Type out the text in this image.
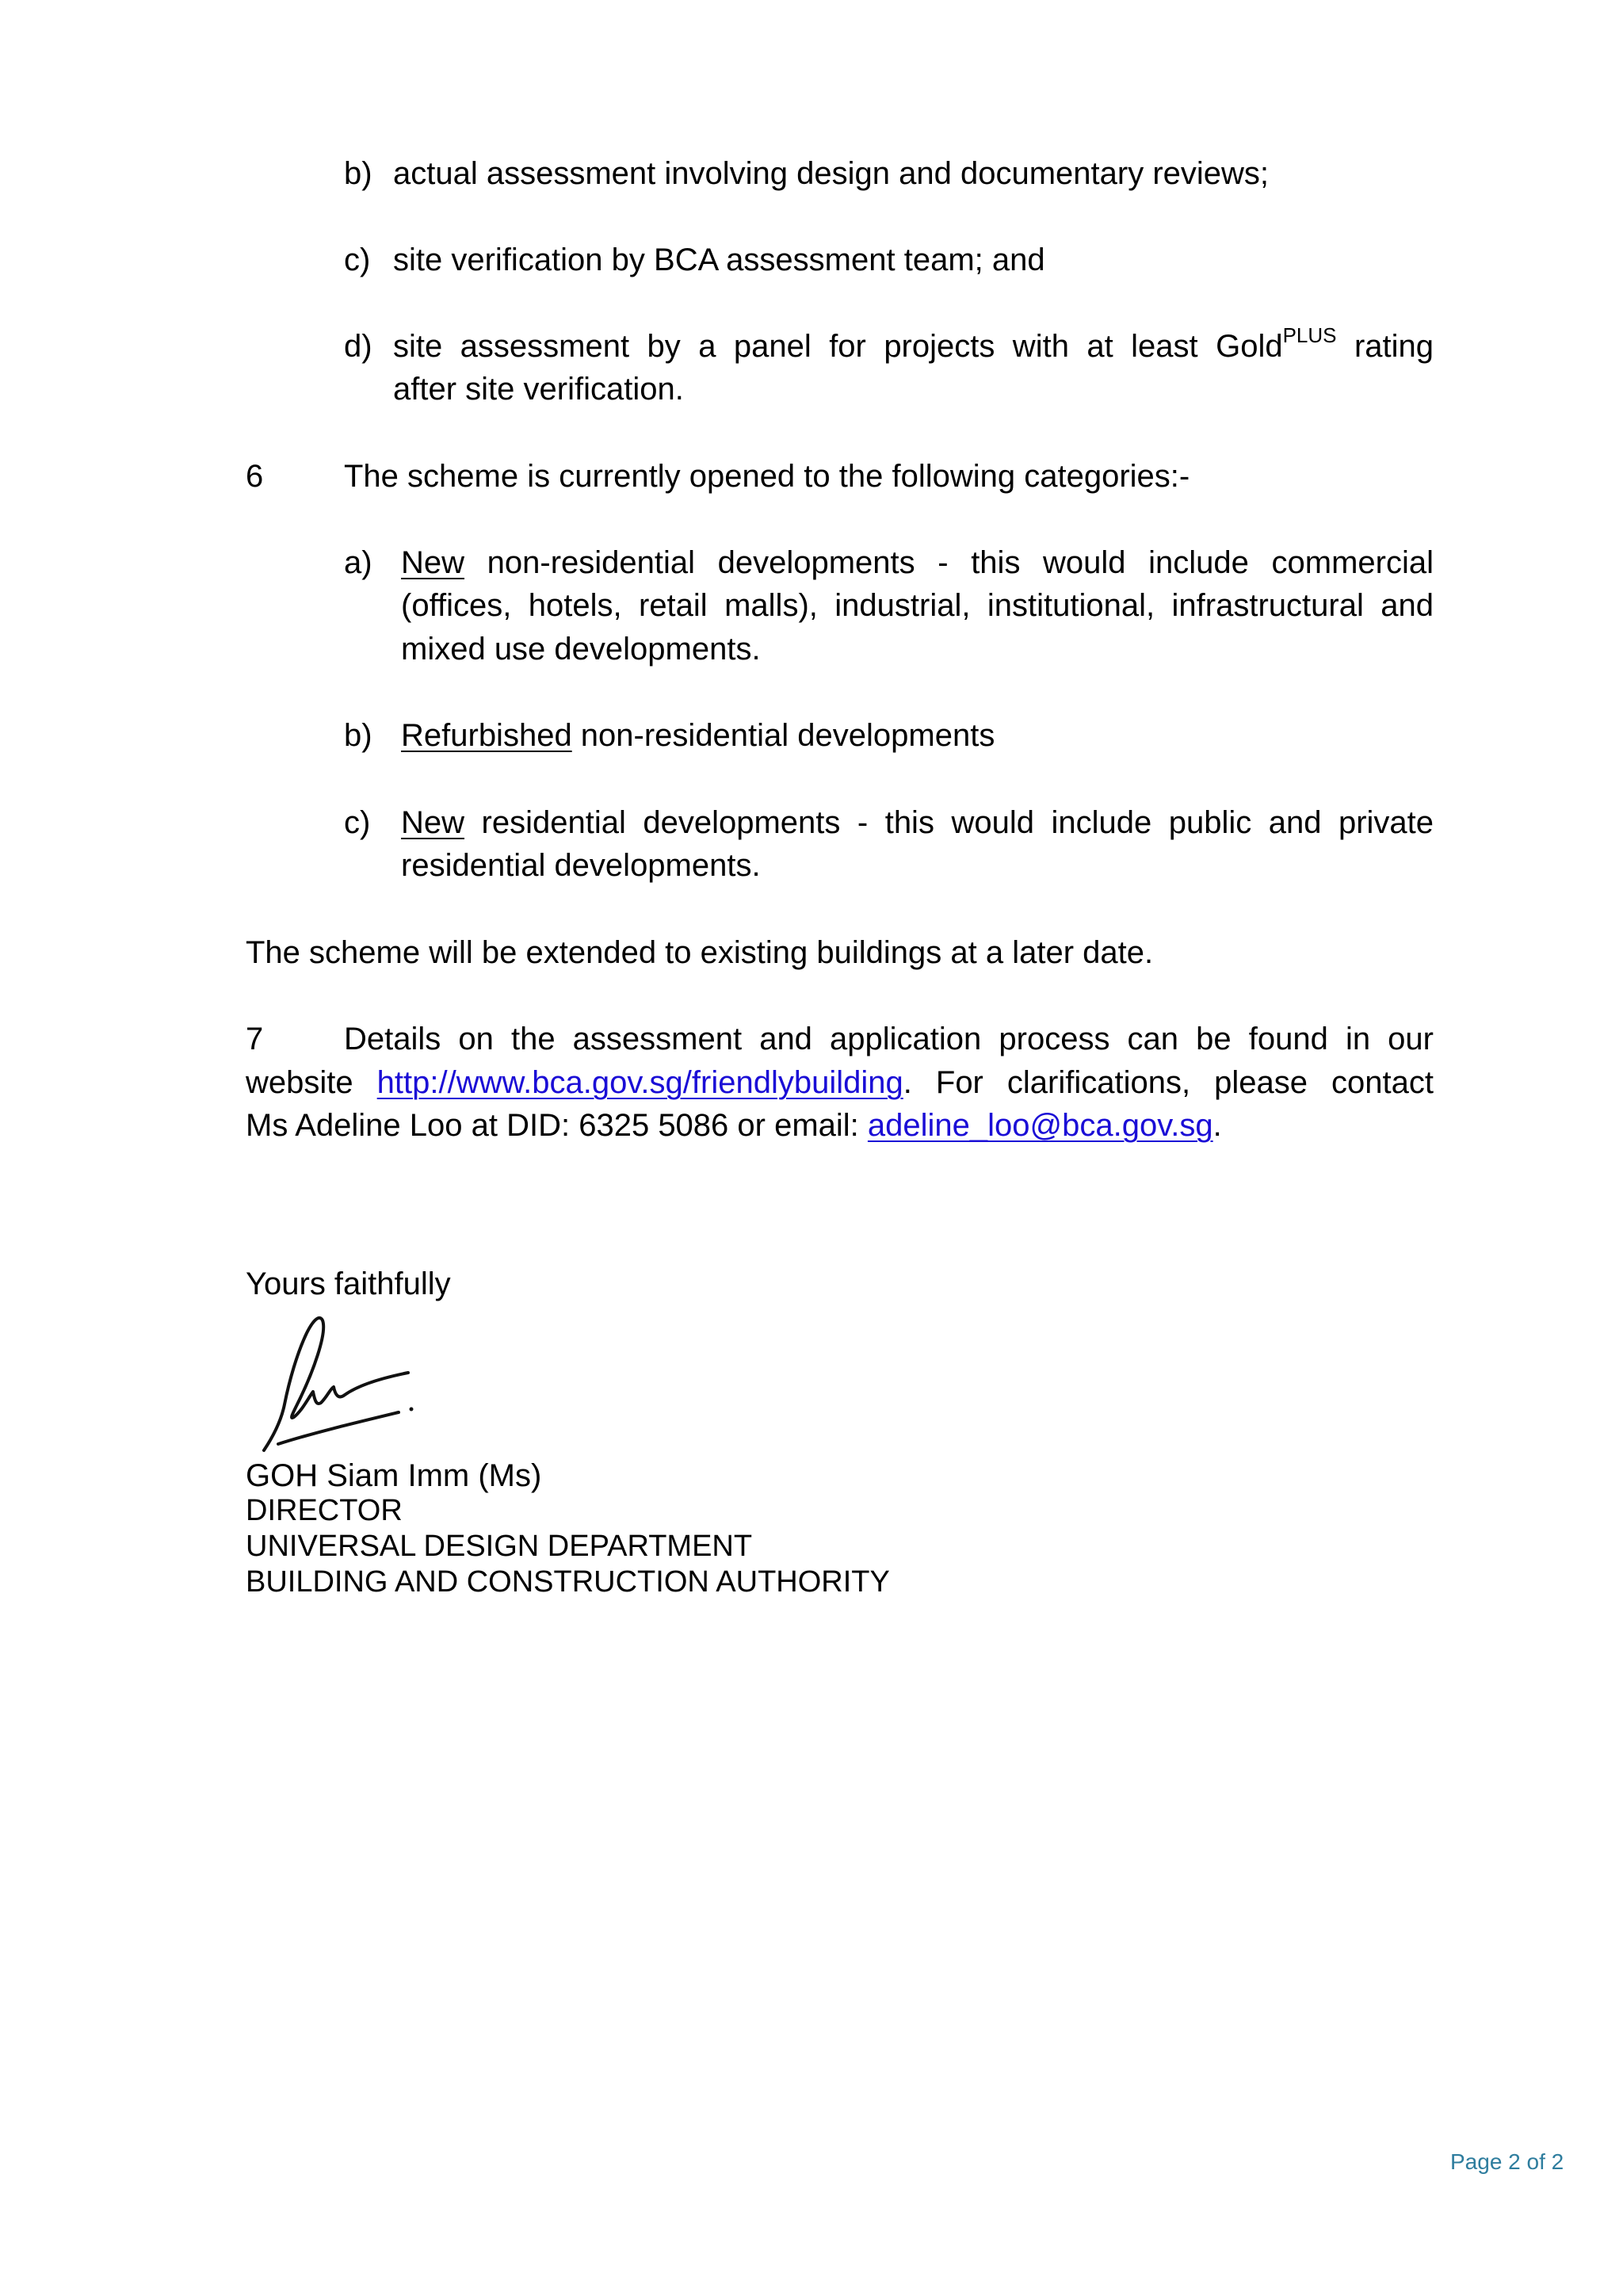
b) actual assessment involving design and documentary reviews;
c) site verification by BCA assessment team; and
d) site assessment by a panel for projects with at least Gold$^{PLUS}$ rating
after site verification.
6	The scheme is currently opened to the following categories:-
a) New non-residential developments - this would include commercial
(offices, hotels, retail malls), industrial, institutional, infrastructural and
mixed use developments.
b) Refurbished non-residential developments
c) New residential developments - this would include public and private
residential developments.
The scheme will be extended to existing buildings at a later date.
7	Details on the assessment and application process can be found in our
website http://www.bca.gov.sg/friendlybuilding. For clarifications, please contact
Ms Adeline Loo at DID: 6325 5086 or email: adeline_loo@bca.gov.sg.
Yours faithfully
GOH Siam Imm (Ms)
DIRECTOR
UNIVERSAL DESIGN DEPARTMENT
BUILDING AND CONSTRUCTION AUTHORITY
Page 2 of 2
